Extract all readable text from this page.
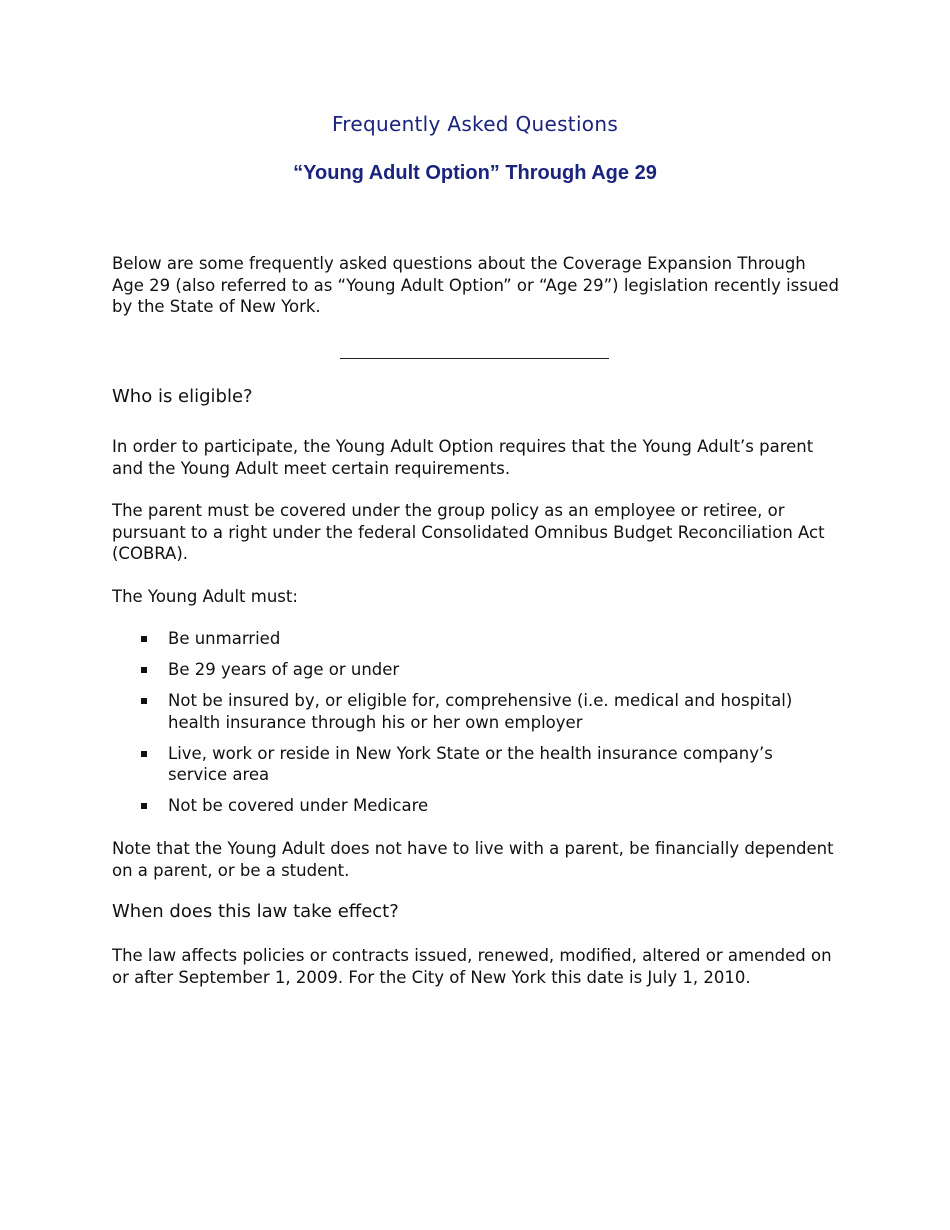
Frequently Asked Questions
“Young Adult Option” Through Age 29

Below are some frequently asked questions about the Coverage Expansion Through Age 29 (also referred to as “Young Adult Option” or “Age 29”) legislation recently issued by the State of New York.

Who is eligible?

In order to participate, the Young Adult Option requires that the Young Adult’s parent and the Young Adult meet certain requirements.

The parent must be covered under the group policy as an employee or retiree, or pursuant to a right under the federal Consolidated Omnibus Budget Reconciliation Act (COBRA).

The Young Adult must:

Be unmarried
Be 29 years of age or under
Not be insured by, or eligible for, comprehensive (i.e. medical and hospital) health insurance through his or her own employer
Live, work or reside in New York State or the health insurance company’s service area
Not be covered under Medicare

Note that the Young Adult does not have to live with a parent, be financially dependent on a parent, or be a student.

When does this law take effect?

The law affects policies or contracts issued, renewed, modified, altered or amended on or after September 1, 2009. For the City of New York this date is July 1, 2010.
